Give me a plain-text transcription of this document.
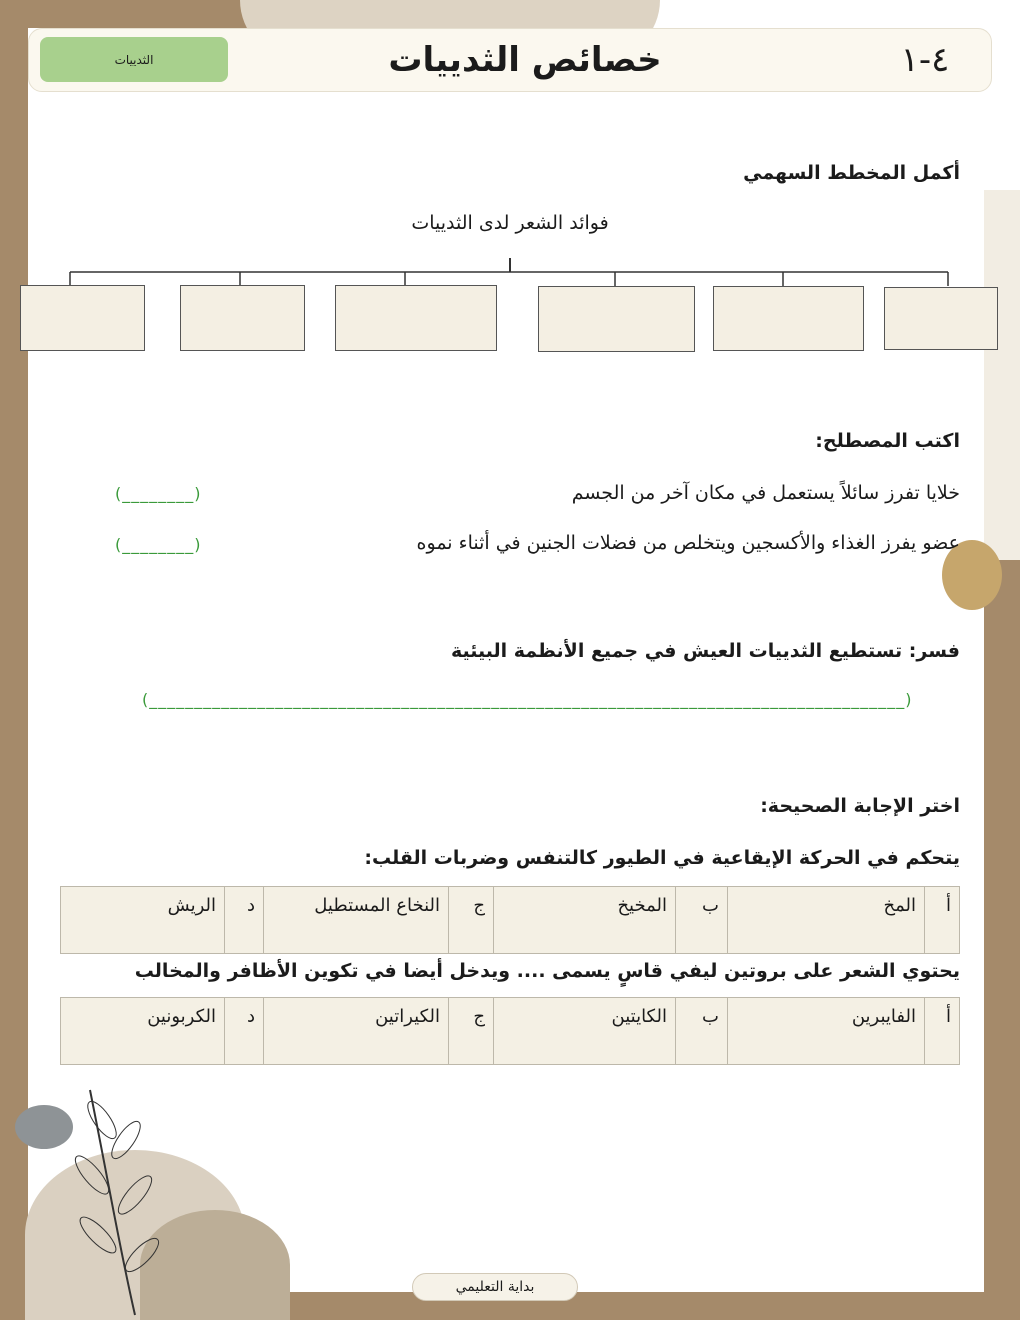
الثدييات	خصائص الثدييات	٤-١
أكمل المخطط السهمي
فوائد الشعر لدى الثدييات
اكتب المصطلح:
خلايا تفرز سائلاً يستعمل في مكان آخر من الجسم
(________)
عضو يفرز الغذاء والأكسجين ويتخلص من فضلات الجنين في أثناء نموه
(________)
فسر: تستطيع الثدييات العيش في جميع الأنظمة البيئية
(____________________________________________________________________________________)
اختر الإجابة الصحيحة:
يتحكم في الحركة الإيقاعية في الطيور كالتنفس وضربات القلب:
أ	المخ	ب	المخيخ	ج	النخاع المستطيل	د	الريش
يحتوي الشعر على بروتين ليفي قاسٍ يسمى .... ويدخل أيضا في تكوين الأظافر والمخالب
أ	الفايبرين	ب	الكايتين	ج	الكيراتين	د	الكربونين
بداية التعليمي
